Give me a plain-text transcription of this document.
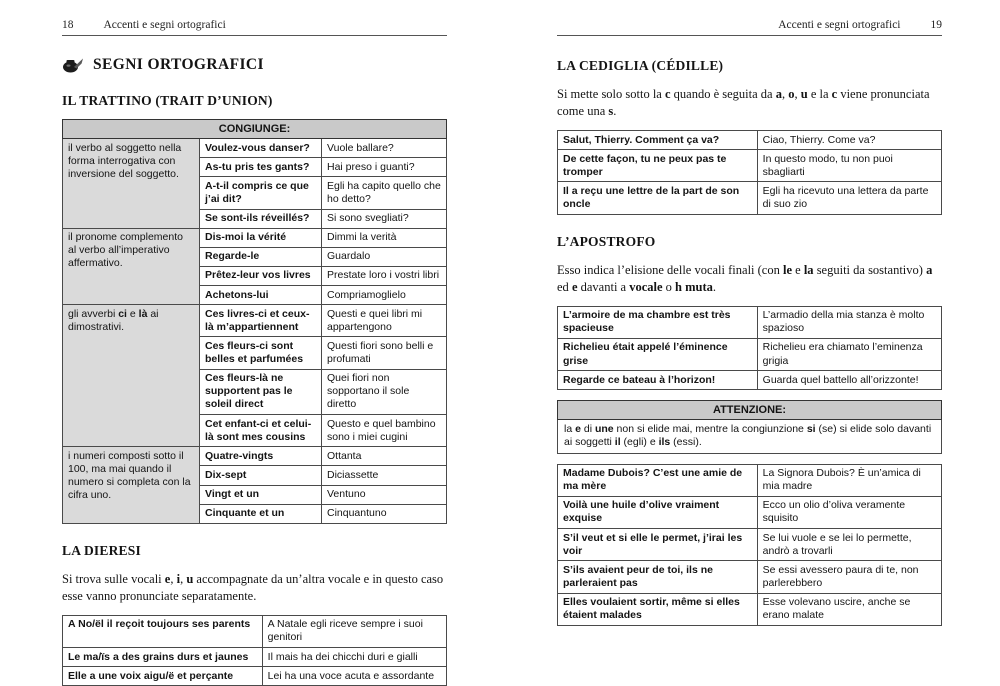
18	Accenti e segni ortografici
SEGNI ORTOGRAFICI
IL TRATTINO (TRAIT D’UNION)
CONGIUNGE:		
il verbo al soggetto nella forma interrogativa con inversione del soggetto.	Voulez-vous danser?	Vuole ballare?
	As-tu pris tes gants?	Hai preso i guanti?
	A-t-il compris ce que j’ai dit?	Egli ha capito quello che ho detto?
	Se sont-ils réveillés?	Si sono svegliati?
il pronome complemento al verbo all’imperativo affermativo.	Dis-moi la vérité	Dimmi la verità
	Regarde-le	Guardalo
	Prêtez-leur vos livres	Prestate loro i vostri libri
	Achetons-lui	Compriamoglielo
gli avverbi ci e là ai dimostrativi.	Ces livres-ci et ceux-là m’appartiennent	Questi e quei libri mi appartengono
	Ces fleurs-ci sont belles et parfumées	Questi fiori sono belli e profumati
	Ces fleurs-là ne supportent pas le soleil direct	Quei fiori non sopportano il sole diretto
	Cet enfant-ci et celui-là sont mes cousins	Questo e quel bambino sono i miei cugini
i numeri composti sotto il 100, ma mai quando il numero si completa con la cifra uno.	Quatre-vingts	Ottanta
	Dix-sept	Diciassette
	Vingt et un	Ventuno
	Cinquante et un	Cinquantuno
LA DIERESI

Si trova sulle vocali e, i, u accompagnate da un’altra vocale e in questo caso esse vanno pronunciate separatamente.

A No/ël il reçoit toujours ses parents	A Natale egli riceve sempre i suoi genitori
Le ma/ïs a des grains durs et jaunes	Il mais ha dei chicchi duri e gialli
Elle a une voix aigu/ë et perçante	Lei ha una voce acuta e assordante
Accenti e segni ortografici	19
LA CEDIGLIA (CÉDILLE)

Si mette solo sotto la c quando è seguita da a, o, u e la c viene pronunciata come una s.

Salut, Thierry. Comment ça va?	Ciao, Thierry. Come va?
De cette façon, tu ne peux pas te tromper	In questo modo, tu non puoi sbagliarti
Il a reçu une lettre de la part de son oncle	Egli ha ricevuto una lettera da parte di suo zio
L’APOSTROFO

Esso indica l’elisione delle vocali finali (con le e la seguiti da sostantivo) a ed e davanti a vocale o h muta.

L’armoire de ma chambre est très spacieuse	L’armadio della mia stanza è molto spazioso
Richelieu était appelé l’éminence grise	Richelieu era chiamato l’eminenza grigia
Regarde ce bateau à l’horizon!	Guarda quel battello all’orizzonte!
ATTENZIONE:
la e di une non si elide mai, mentre la congiunzione si (se) si elide solo davanti ai soggetti il (egli) e ils (essi).
Madame Dubois? C’est une amie de ma mère	La Signora Dubois? È un’amica di mia madre
Voilà une huile d’olive vraiment exquise	Ecco un olio d’oliva veramente squisito
S’il veut et si elle le permet, j’irai les voir	Se lui vuole e se lei lo permette, andrò a trovarli
S’ils avaient peur de toi, ils ne parleraient pas	Se essi avessero paura di te, non parlerebbero
Elles voulaient sortir, même si elles étaient malades	Esse volevano uscire, anche se erano malate
